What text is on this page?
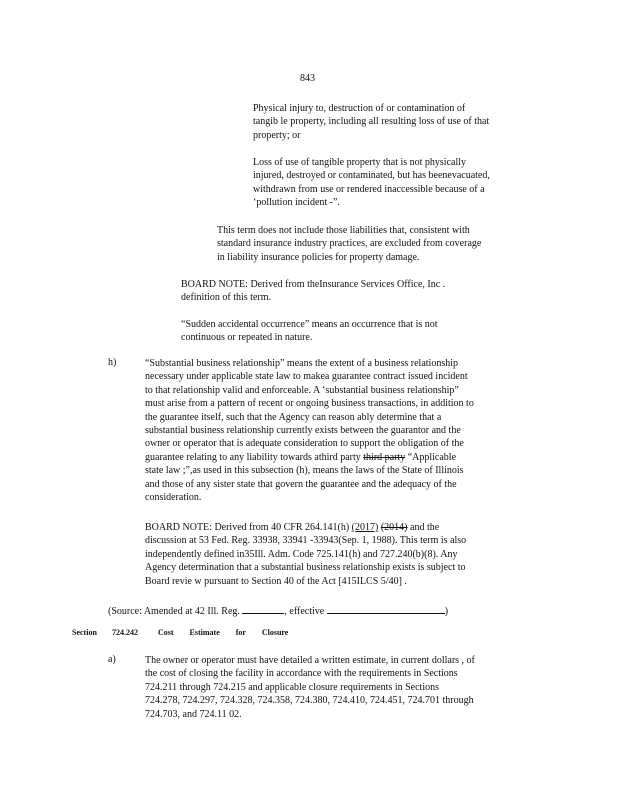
843
Physical injury to, destruction of or contamination of
tangib le property, including all resulting loss of use of that
property; or
Loss of use of tangible property that is not physically
injured, destroyed or contaminated, but has beenevacuated,
withdrawn from use or rendered inaccessible because of a
‘pollution incident -”.
This term does not include those liabilities that, consistent with
standard insurance industry practices, are excluded from coverage
in liability insurance policies for property damage.
BOARD NOTE: Derived from theInsurance Services Office, Inc .
definition of this term.
“Sudden accidental occurrence” means an occurrence that is not
continuous or repeated in nature.
h)	“Substantial business relationship” means the extent of a business relationship
necessary under applicable state law to makea guarantee contract issued incident
to that relationship valid and enforceable. A ‘substantial business relationship”
must arise from a pattern of recent or ongoing business transactions, in addition to
the guarantee itself, such that the Agency can reason ably determine that a
substantial business relationship currently exists between the guarantor and the
owner or operator that is adequate consideration to support the obligation of the
guarantee relating to any liability towards athird party third party “Applicable
state law ;”,as used in this subsection (h), means the laws of the State of Illinois
and those of any sister state that govern the guarantee and the adequacy of the
consideration.
BOARD NOTE: Derived from 40 CFR 264.141(h) (2017) (2014) and the
discussion at 53 Fed. Reg. 33938, 33941 -33943(Sep. 1, 1988). This term is also
independently defined in35Ill. Adm. Code 725.141(h) and 727.240(b)(8). Any
Agency determination that a substantial business relationship exists is subject to
Board revie w pursuant to Section 40 of the Act [415ILCS 5/40] .
(Source: Amended at 42 Ill. Reg.	, effective	)
Section 724.242	Cost Estimate for Closure
a)	The owner or operator must have detailed a written estimate, in current dollars , of
the cost of closing the facility in accordance with the requirements in Sections
724.211 through 724.215 and applicable closure requirements in Sections
724.278, 724.297, 724.328, 724.358, 724.380, 724.410, 724.451, 724.701 through
724.703, and 724.11 02.
